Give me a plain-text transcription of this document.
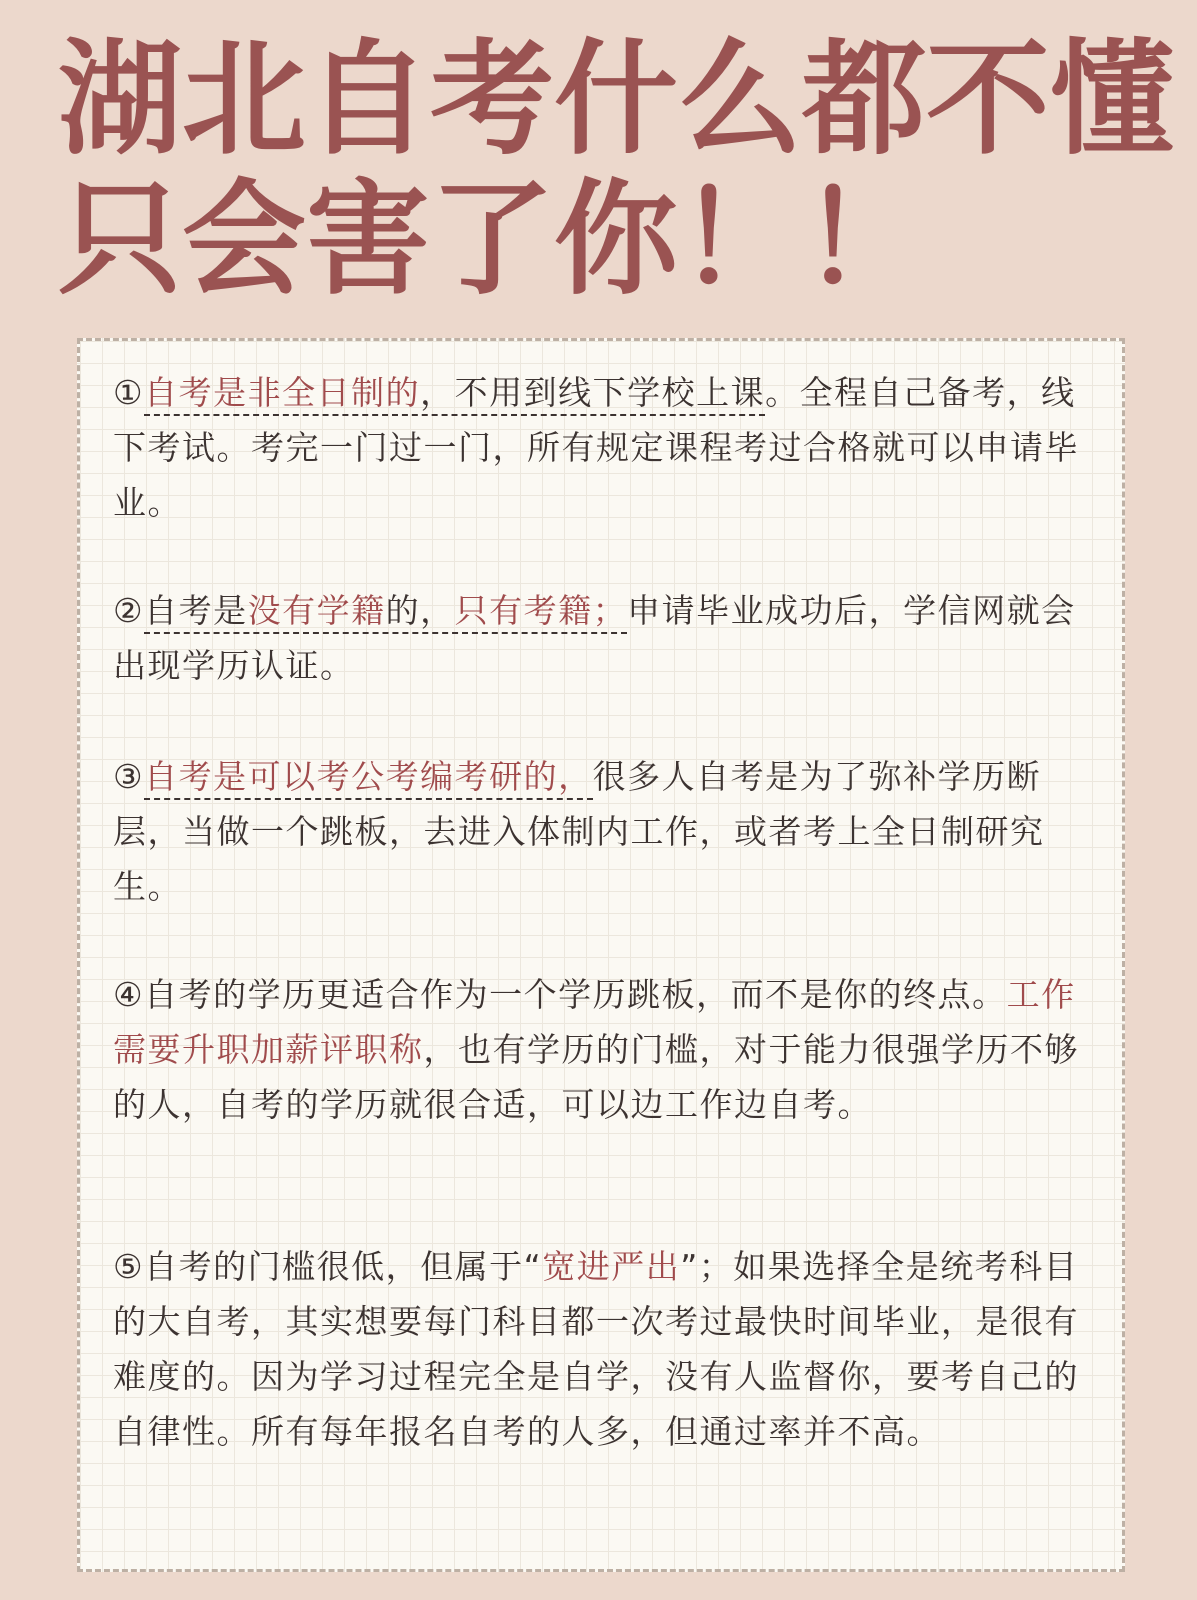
湖北自考什么都不懂
只会害了你！！

①自考是非全日制的，不用到线下学校上课。全程自己备考，线下考试。考完一门过一门，所有规定课程考过合格就可以申请毕业。

②自考是没有学籍的，只有考籍；申请毕业成功后，学信网就会出现学历认证。

③自考是可以考公考编考研的，很多人自考是为了弥补学历断层，当做一个跳板，去进入体制内工作，或者考上全日制研究生。

④自考的学历更适合作为一个学历跳板，而不是你的终点。工作需要升职加薪评职称，也有学历的门槛，对于能力很强学历不够的人，自考的学历就很合适，可以边工作边自考。

⑤自考的门槛很低，但属于“宽进严出”；如果选择全是统考科目的大自考，其实想要每门科目都一次考过最快时间毕业，是很有难度的。因为学习过程完全是自学，没有人监督你，要考自己的自律性。所有每年报名自考的人多，但通过率并不高。
